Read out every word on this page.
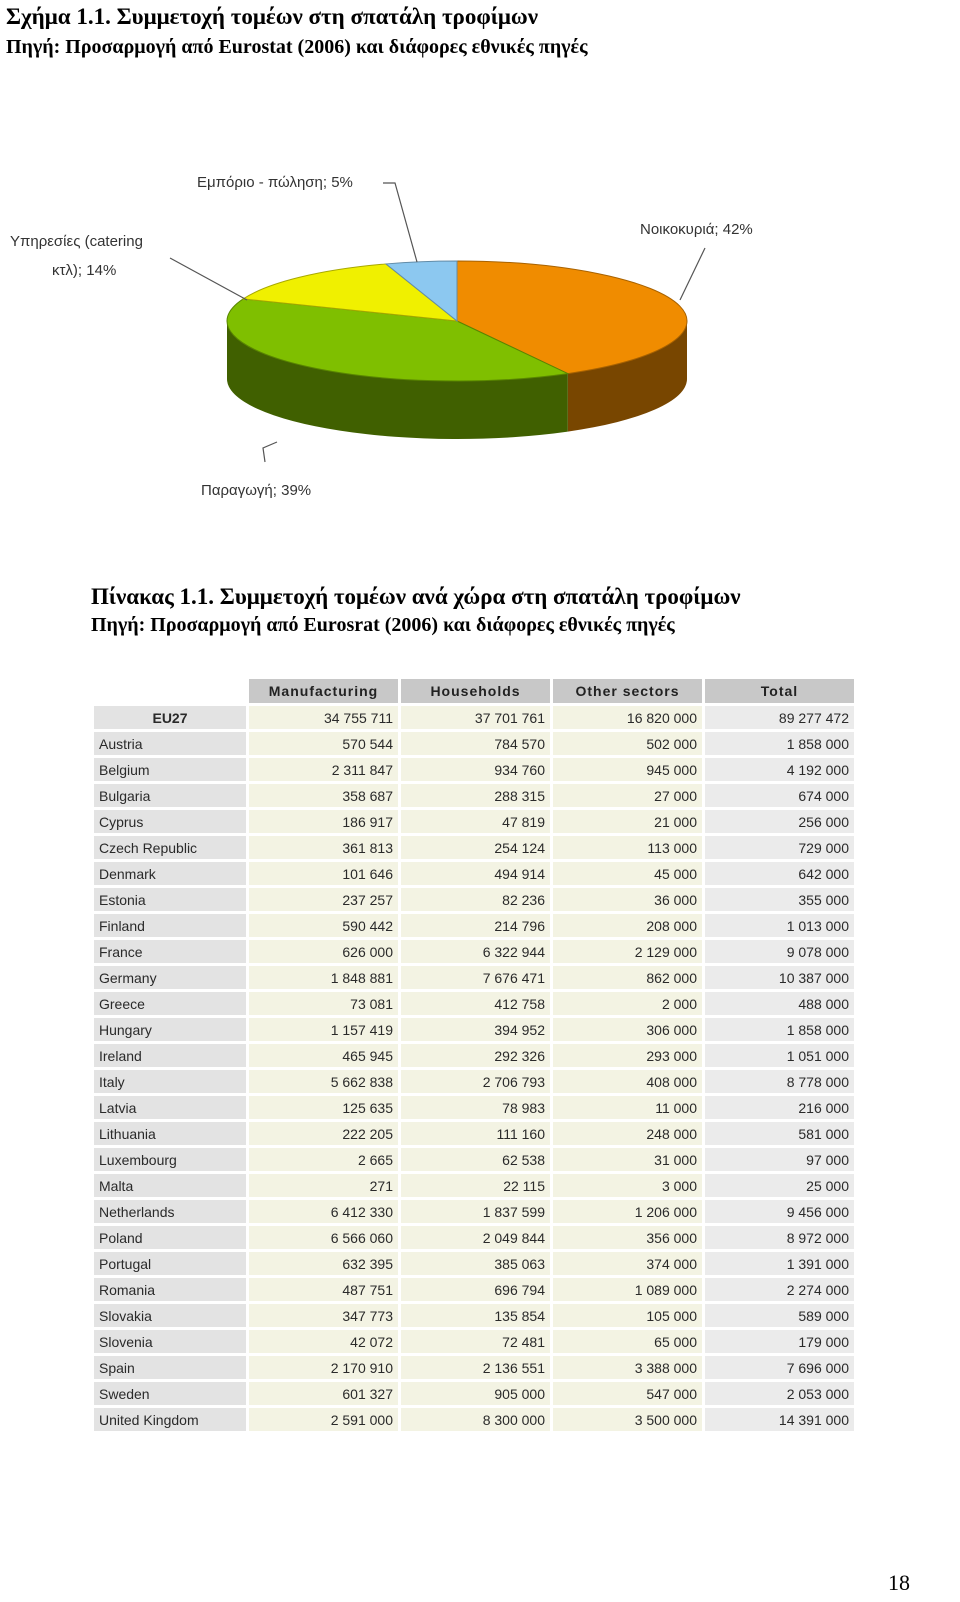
Σχήμα 1.1. Συμμετοχή τομέων στη σπατάλη τροφίμων
Πηγή: Προσαρμογή από Eurostat (2006) και διάφορες εθνικές πηγές
Εμπόριο - πώληση; 5%
Νοικοκυριά; 42%
Υπηρεσίες (catering
κτλ); 14%
Παραγωγή; 39%
Πίνακας 1.1. Συμμετοχή τομέων ανά χώρα στη σπατάλη τροφίμων
Πηγή: Προσαρμογή από Eurosrat (2006) και διάφορες εθνικές πηγές
	Manufacturing	Households	Other sectors	Total
EU27	34 755 711	37 701 761	16 820 000	89 277 472
Austria	570 544	784 570	502 000	1 858 000
Belgium	2 311 847	934 760	945 000	4 192 000
Bulgaria	358 687	288 315	27 000	674 000
Cyprus	186 917	47 819	21 000	256 000
Czech Republic	361 813	254 124	113 000	729 000
Denmark	101 646	494 914	45 000	642 000
Estonia	237 257	82 236	36 000	355 000
Finland	590 442	214 796	208 000	1 013 000
France	626 000	6 322 944	2 129 000	9 078 000
Germany	1 848 881	7 676 471	862 000	10 387 000
Greece	73 081	412 758	2 000	488 000
Hungary	1 157 419	394 952	306 000	1 858 000
Ireland	465 945	292 326	293 000	1 051 000
Italy	5 662 838	2 706 793	408 000	8 778 000
Latvia	125 635	78 983	11 000	216 000
Lithuania	222 205	111 160	248 000	581 000
Luxembourg	2 665	62 538	31 000	97 000
Malta	271	22 115	3 000	25 000
Netherlands	6 412 330	1 837 599	1 206 000	9 456 000
Poland	6 566 060	2 049 844	356 000	8 972 000
Portugal	632 395	385 063	374 000	1 391 000
Romania	487 751	696 794	1 089 000	2 274 000
Slovakia	347 773	135 854	105 000	589 000
Slovenia	42 072	72 481	65 000	179 000
Spain	2 170 910	2 136 551	3 388 000	7 696 000
Sweden	601 327	905 000	547 000	2 053 000
United Kingdom	2 591 000	8 300 000	3 500 000	14 391 000
18
